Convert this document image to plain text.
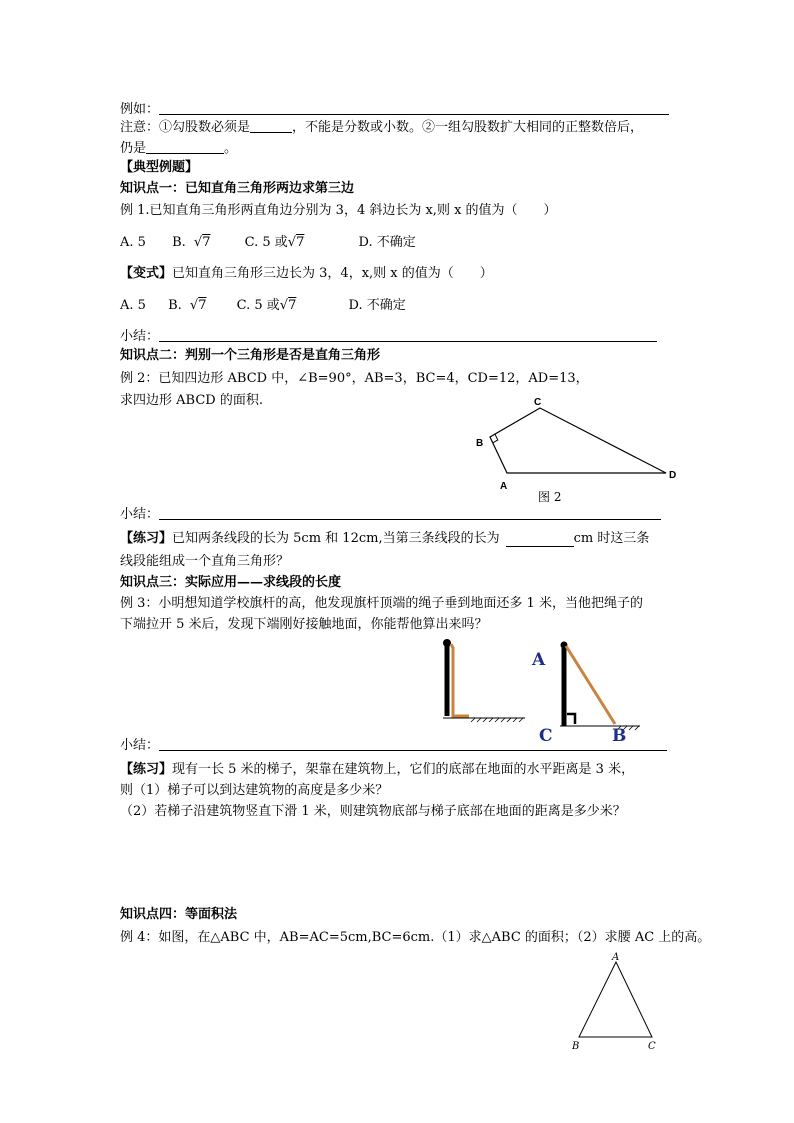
例如：
注意：①勾股数必须是	，不能是分数或小数。②一组勾股数扩大相同的正整数倍后，
仍是	。
【典型例题】
知识点一：已知直角三角形两边求第三边
例 1.已知直角三角形两直角边分别为 3，4 斜边长为 x,则 x 的值为（　　）
A. 5 B. √7	C. 5 或√7	D. 不确定
【变式】已知直角三角形三边长为 3，4，x,则 x 的值为（　　）
A. 5 B. √7 C. 5 或√7	D. 不确定
小结：
知识点二：判别一个三角形是否是直角三角形
例 2：已知四边形 ABCD 中，∠B=90°，AB=3，BC=4，CD=12，AD=13，
求四边形 ABCD 的面积.	C
B
A
D
图 2
小结：
【练习】已知两条线段的长为 5cm 和 12cm,当第三条线段的长为	cm 时这三条
线段能组成一个直角三角形？
知识点三：实际应用——求线段的长度
例 3：小明想知道学校旗杆的高，他发现旗杆顶端的绳子垂到地面还多 1 米，当他把绳子的
下端拉开 5 米后，发现下端刚好接触地面，你能帮他算出来吗？
A
C	B
小结：
【练习】现有一长 5 米的梯子，架靠在建筑物上，它们的底部在地面的水平距离是 3 米，
则（1）梯子可以到达建筑物的高度是多少米？
（2）若梯子沿建筑物竖直下滑 1 米，则建筑物底部与梯子底部在地面的距离是多少米？
知识点四：等面积法
例 4：如图，在△ABC 中，AB=AC=5cm,BC=6cm.（1）求△ABC 的面积；（2）求腰 AC 上的高。
A
B	C
